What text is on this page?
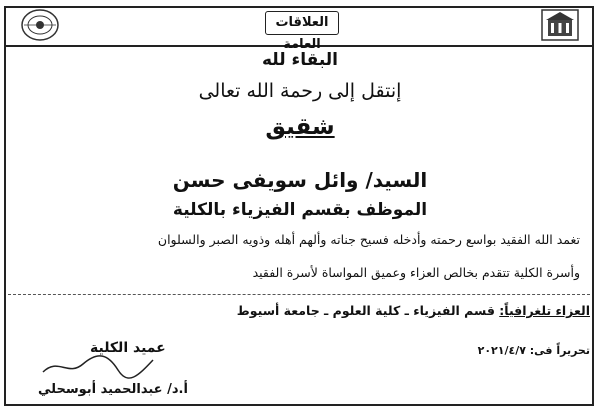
العلاقات العامة
البقاء لله
إنتقل إلى رحمة الله تعالى
شقيق
السيد/ وائل سويفى حسن
الموظف بقسم الفيزياء بالكلية
تغمد الله الفقيد بواسع رحمته وأدخله فسيح جناته وألهم أهله وذويه الصبر والسلوان
وأسرة الكلية تتقدم بخالص العزاء وعميق المواساة لأسرة الفقيد
العزاء تلغرافياً: قسم الفيزياء ـ كلية العلوم ـ جامعة أسيوط
تحريراً فى: ٢٠٢١/٤/٧
عميد الكلية
أ.د/ عبدالحميد أبوسحلي
